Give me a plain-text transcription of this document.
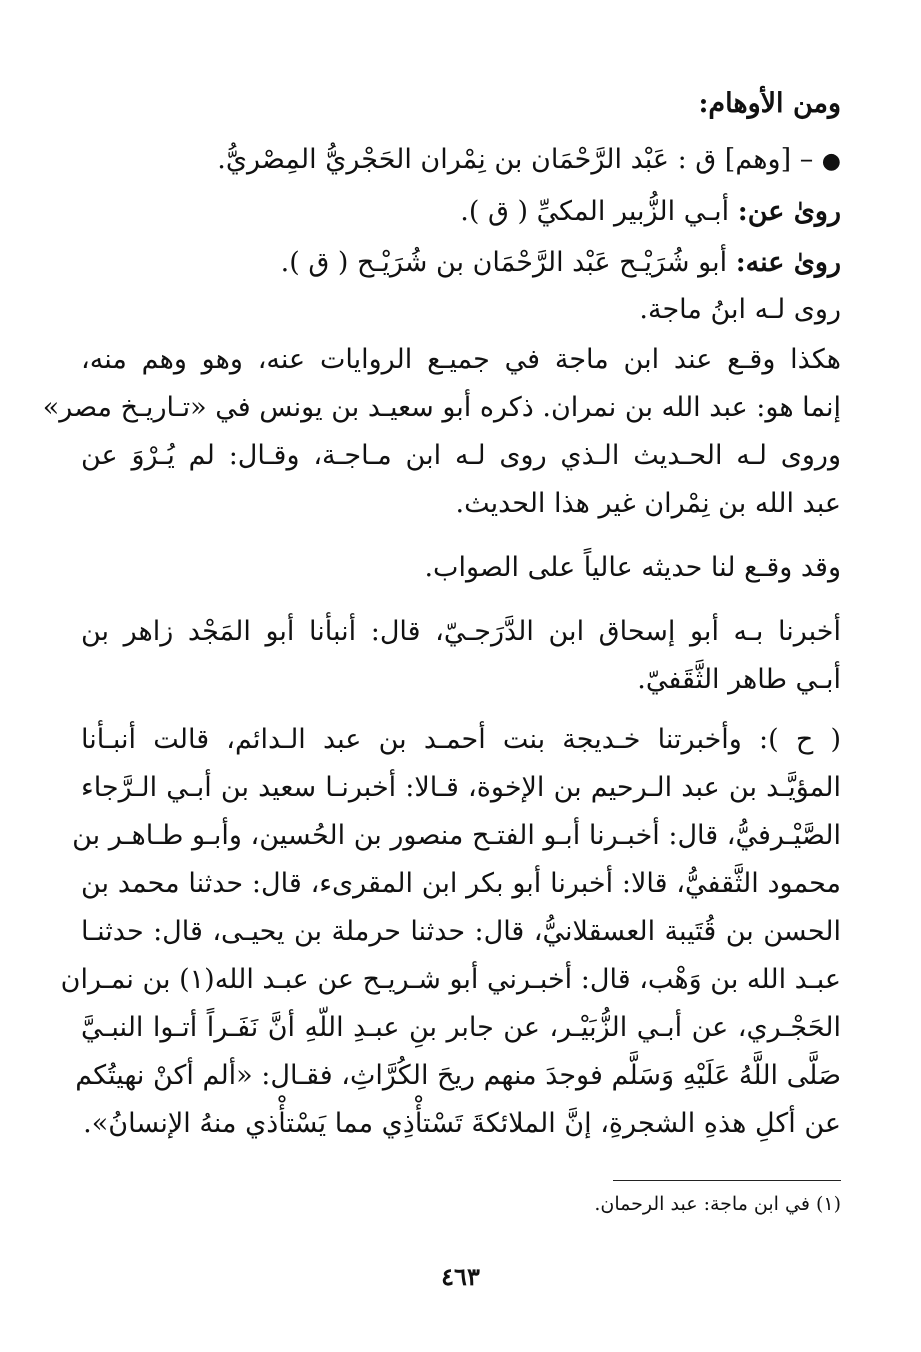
ومن الأوهام:
● – [وهم] ق : عَبْد الرَّحْمَان بن نِمْران الحَجْريُّ المِصْريُّ.
روىٰ عن: أبـي الزُّبير المكيِّ ( ق ).
روىٰ عنه: أبو شُرَيْـح عَبْد الرَّحْمَان بن شُرَيْـح ( ق ).
روى لـه ابنُ ماجة.
هكذا وقـع عند ابن ماجة في جميـع الروايات عنه، وهو وهم منه،
إنما هو: عبد الله بن نمران. ذكره أبو سعيـد بن يونس في «تـاريـخ مصر»
وروى لـه الحـديث الـذي روى لـه ابن مـاجـة، وقـال: لم يُـرْوَ عن
عبد الله بن نِمْران غير هذا الحديث.
وقد وقـع لنا حديثه عالياً على الصواب.
أخبرنا بـه أبو إسحاق ابن الدَّرَجـيّ، قال: أنبأنا أبو المَجْد زاهر بن
أبـي طاهر الثَّقَفيّ.
( ح ): وأخبرتنا خـديجة بنت أحمـد بن عبد الـدائم، قالت أنبـأنا
المؤيَّـد بن عبد الـرحيم بن الإخوة، قـالا: أخبرنـا سعيد بن أبـي الـرَّجاء
الصَّيْـرفيُّ، قال: أخبـرنا أبـو الفتـح منصور بن الحُسين، وأبـو طـاهـر بن
محمود الثَّقفيُّ، قالا: أخبرنا أبو بكر ابن المقرىء، قال: حدثنا محمد بن
الحسن بن قُتَيبة العسقلانيُّ، قال: حدثنا حرملة بن يحيـى، قال: حدثنـا
عبـد الله بن وَهْب، قال: أخبـرني أبو شـريـح عن عبـد الله(١) بن نمـران
الحَجْـري، عن أبـي الزُّبَيْـر، عن جابر بنِ عبـدِ اللّهِ أنَّ نَفَـراً أتـوا النبـيَّ
صَلَّى اللَّهُ عَلَيْهِ وَسَلَّم فوجدَ منهم ريحَ الكُرَّاثِ، فقـال: «ألم أكنْ نهيتُكم
عن أكلِ هذهِ الشجرةِ، إنَّ الملائكةَ تَسْتأْذِي مما يَسْتأْذي منهُ الإنسانُ».
(١) في ابن ماجة: عبد الرحمان.
٤٦٣
